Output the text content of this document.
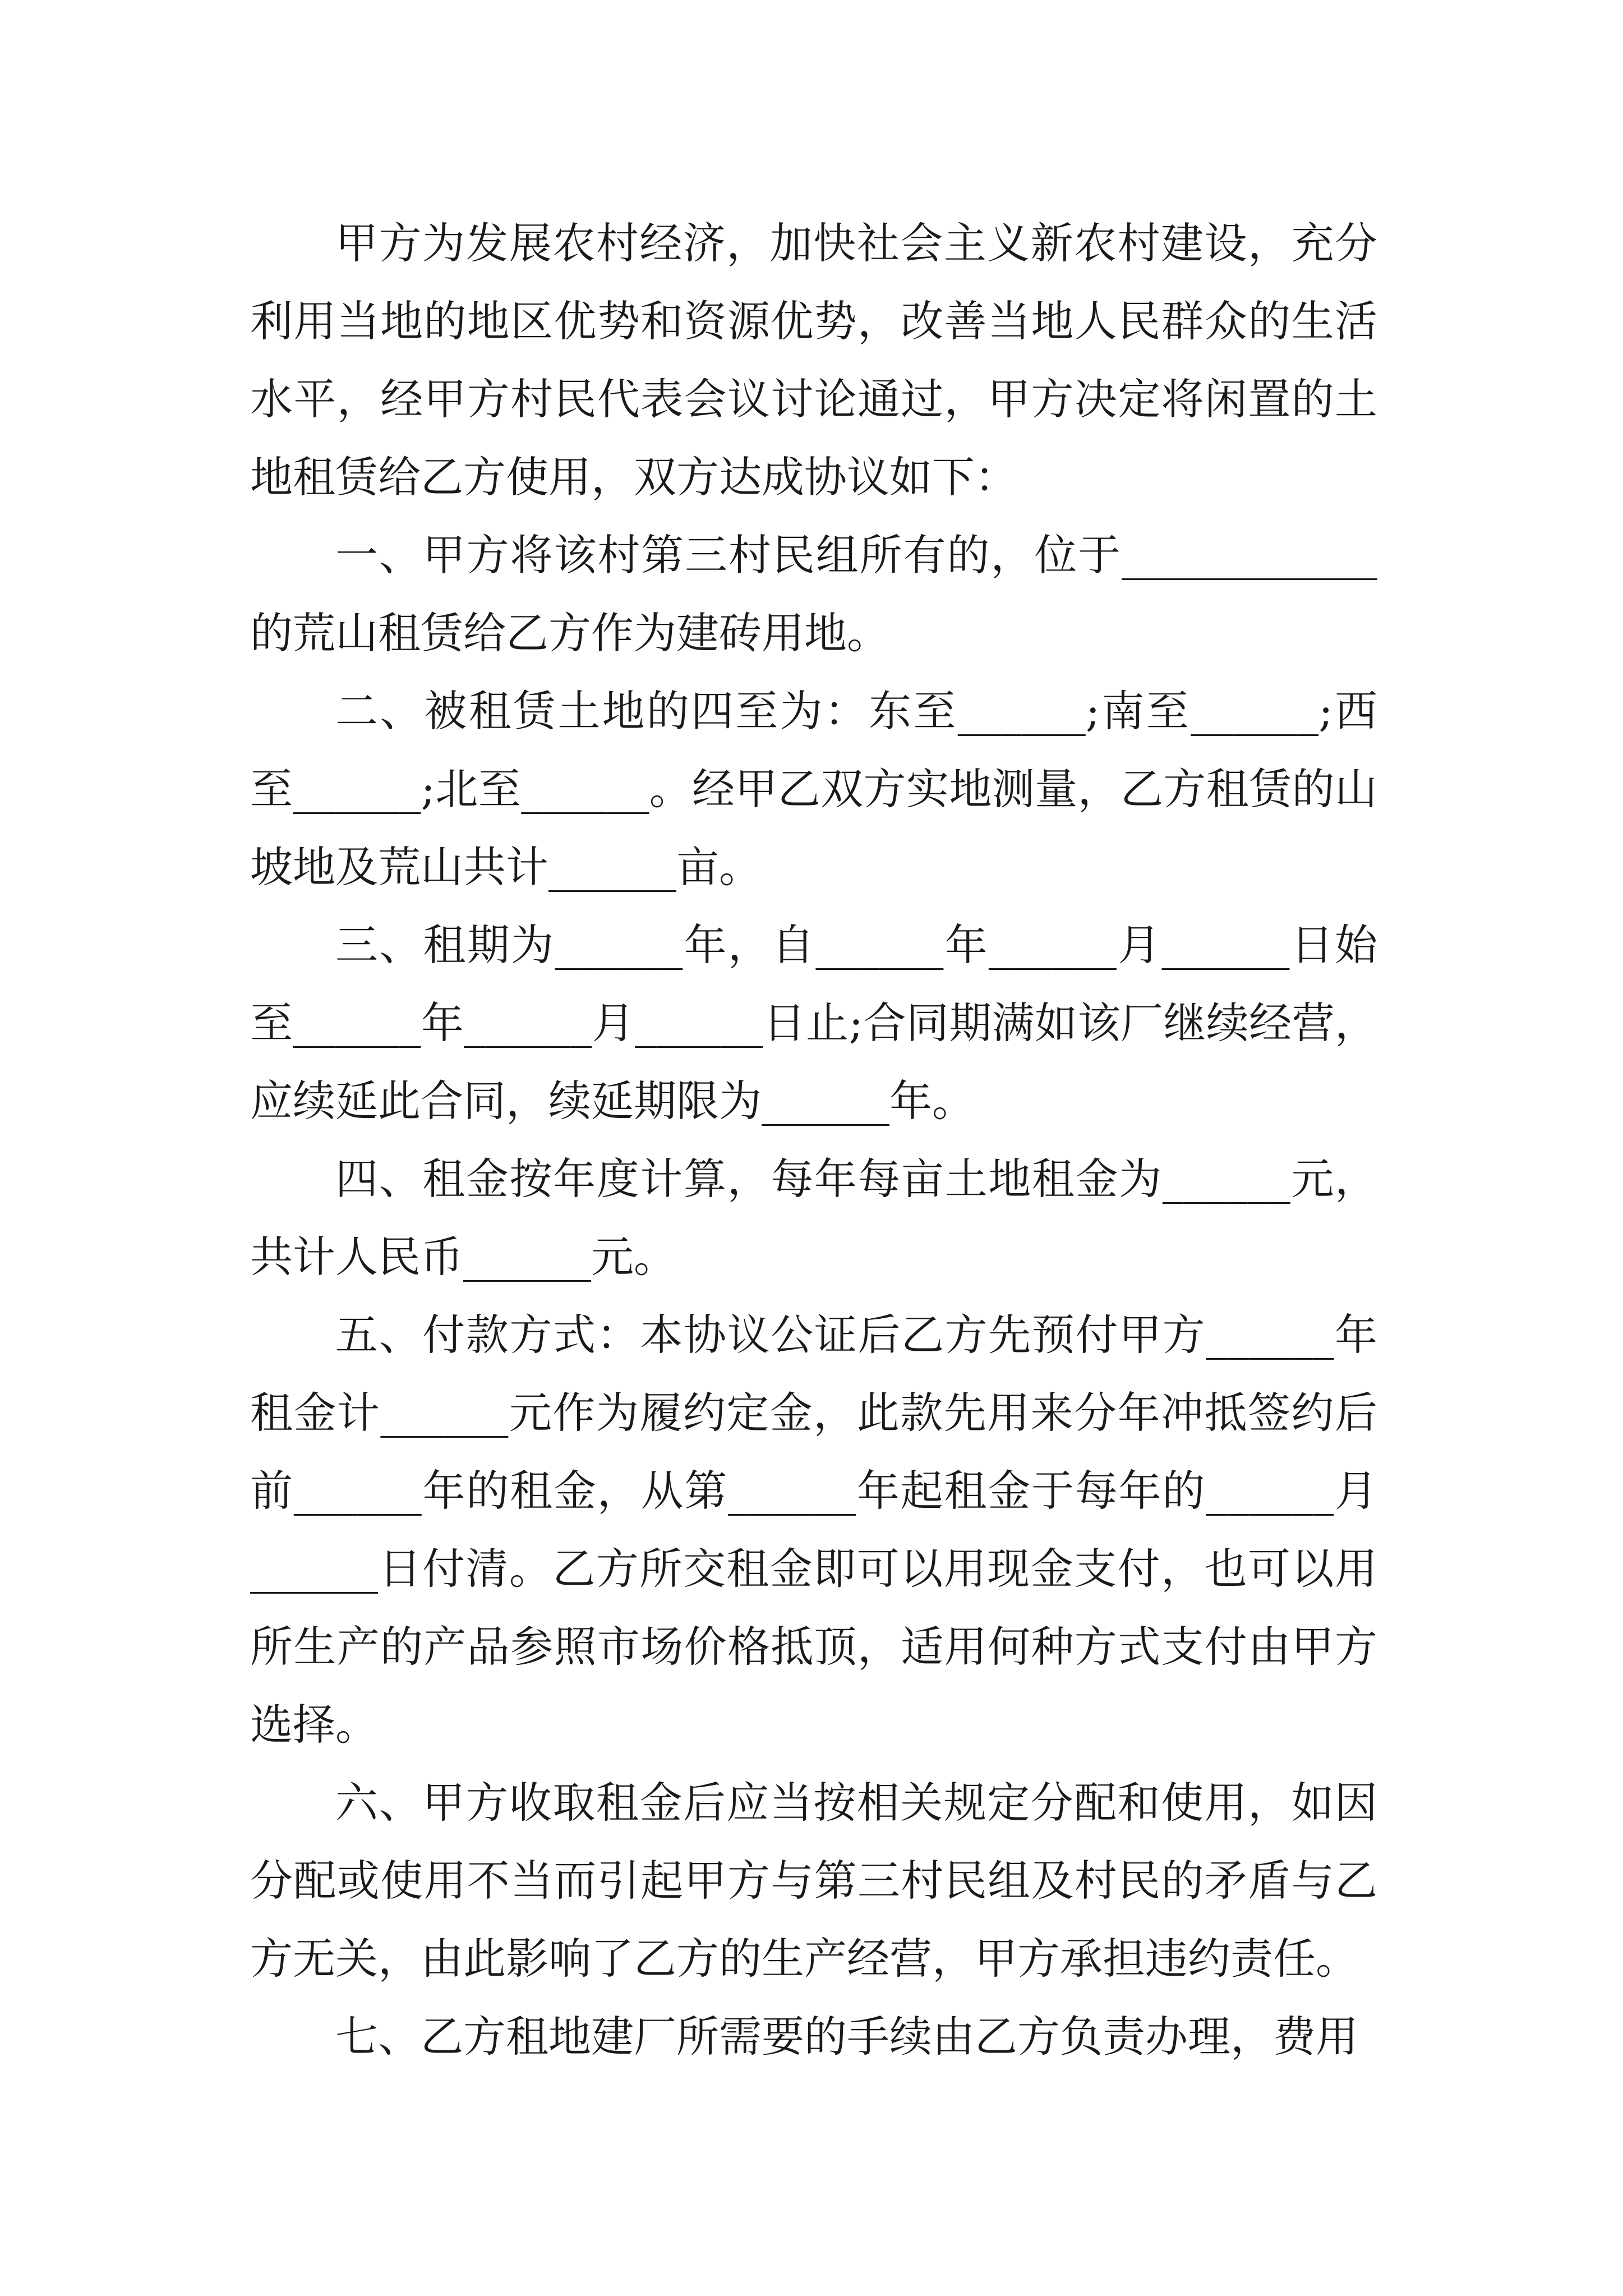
甲方为发展农村经济，加快社会主义新农村建设，充分利用当地的地区优势和资源优势，改善当地人民群众的生活水平，经甲方村民代表会议讨论通过，甲方决定将闲置的土地租赁给乙方使用，双方达成协议如下：

一、甲方将该村第三村民组所有的，位于____________的荒山租赁给乙方作为建砖用地。

二、被租赁土地的四至为：东至______;南至______;西至______;北至______。经甲乙双方实地测量，乙方租赁的山坡地及荒山共计______亩。

三、租期为______年，自______年______月______日始至______年______月______日止;合同期满如该厂继续经营，应续延此合同，续延期限为______年。

四、租金按年度计算，每年每亩土地租金为______元，共计人民币______元。

五、付款方式：本协议公证后乙方先预付甲方______年租金计______元作为履约定金，此款先用来分年冲抵签约后前______年的租金，从第______年起租金于每年的______月______日付清。乙方所交租金即可以用现金支付，也可以用所生产的产品参照市场价格抵顶，适用何种方式支付由甲方选择。

六、甲方收取租金后应当按相关规定分配和使用，如因分配或使用不当而引起甲方与第三村民组及村民的矛盾与乙方无关，由此影响了乙方的生产经营，甲方承担违约责任。

七、乙方租地建厂所需要的手续由乙方负责办理，费用
